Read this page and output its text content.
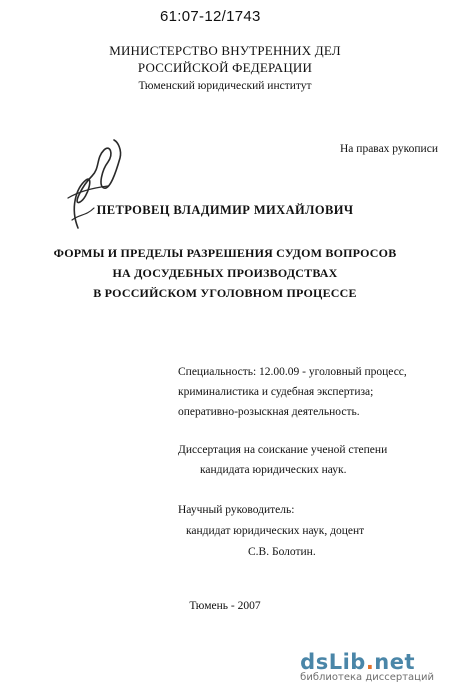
61:07-12/1743
МИНИСТЕРСТВО ВНУТРЕННИХ ДЕЛ
РОССИЙСКОЙ ФЕДЕРАЦИИ
Тюменский юридический институт
На правах рукописи
ПЕТРОВЕЦ ВЛАДИМИР МИХАЙЛОВИЧ
ФОРМЫ И ПРЕДЕЛЫ РАЗРЕШЕНИЯ СУДОМ ВОПРОСОВ
НА ДОСУДЕБНЫХ ПРОИЗВОДСТВАХ
В РОССИЙСКОМ УГОЛОВНОМ ПРОЦЕССЕ
Специальность: 12.00.09 - уголовный процесс,
криминалистика и судебная экспертиза;
оперативно-розыскная деятельность.
Диссертация на соискание ученой степени
кандидата юридических наук.
Научный руководитель:
кандидат юридических наук, доцент
С.В. Болотин.
Тюмень - 2007
dsLib.net
библиотека диссертаций
